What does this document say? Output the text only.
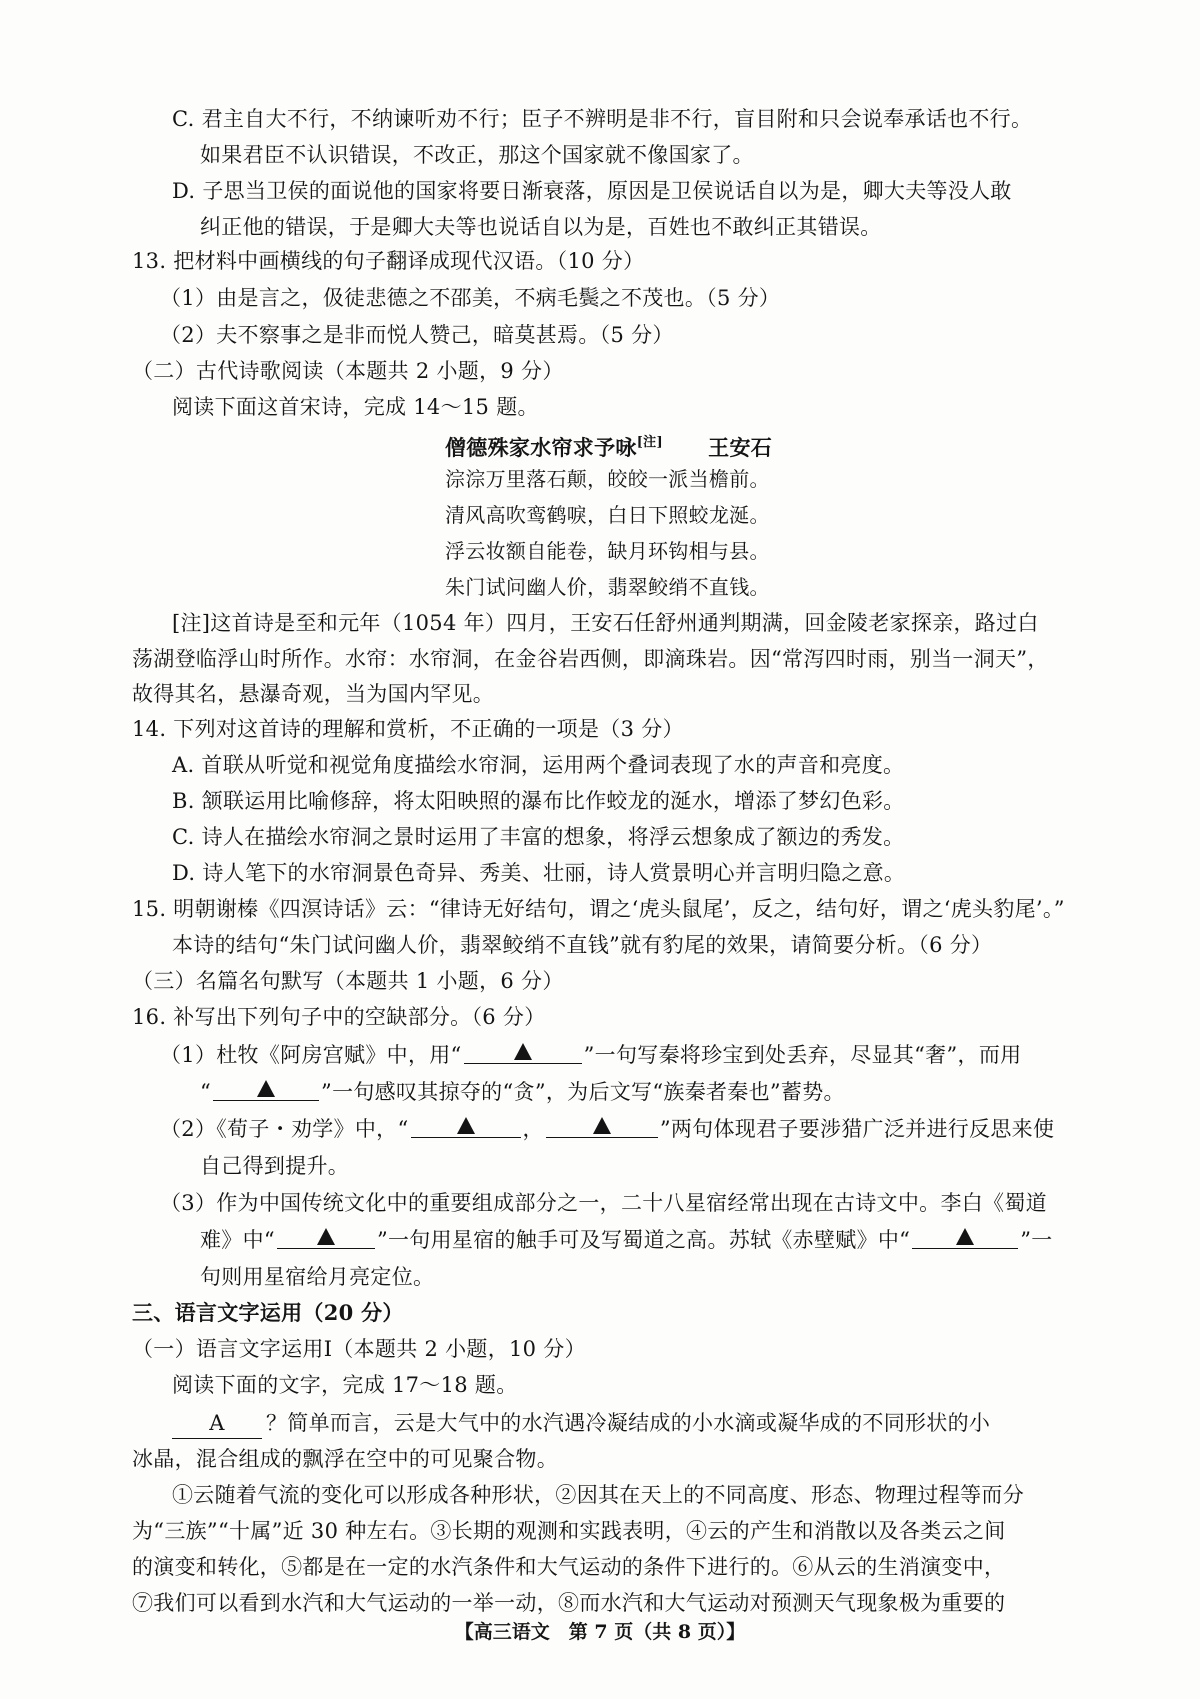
C. 君主自大不行，不纳谏听劝不行；臣子不辨明是非不行，盲目附和只会说奉承话也不行。
如果君臣不认识错误，不改正，那这个国家就不像国家了。
D. 子思当卫侯的面说他的国家将要日渐衰落，原因是卫侯说话自以为是，卿大夫等没人敢
纠正他的错误，于是卿大夫等也说话自以为是，百姓也不敢纠正其错误。
13. 把材料中画横线的句子翻译成现代汉语。（10 分）
（1）由是言之，伋徒悲德之不邵美，不病毛鬓之不茂也。（5 分）
（2）夫不察事之是非而悦人赞己，暗莫甚焉。（5 分）
（二）古代诗歌阅读（本题共 2 小题，9 分）
阅读下面这首宋诗，完成 14～15 题。
僧德殊家水帘求予咏[注] 王安石
淙淙万里落石颠，皎皎一派当檐前。
清风高吹鸾鹤唳，白日下照蛟龙涎。
浮云妆额自能卷，缺月环钩相与县。
朱门试问幽人价，翡翠鲛绡不直钱。
[注]这首诗是至和元年（1054 年）四月，王安石任舒州通判期满，回金陵老家探亲，路过白
荡湖登临浮山时所作。水帘：水帘洞，在金谷岩西侧，即滴珠岩。因“常泻四时雨，别当一洞天”，
故得其名，悬瀑奇观，当为国内罕见。
14. 下列对这首诗的理解和赏析，不正确的一项是（3 分）
A. 首联从听觉和视觉角度描绘水帘洞，运用两个叠词表现了水的声音和亮度。
B. 颔联运用比喻修辞，将太阳映照的瀑布比作蛟龙的涎水，增添了梦幻色彩。
C. 诗人在描绘水帘洞之景时运用了丰富的想象，将浮云想象成了额边的秀发。
D. 诗人笔下的水帘洞景色奇异、秀美、壮丽，诗人赏景明心并言明归隐之意。
15. 明朝谢榛《四溟诗话》云：“律诗无好结句，谓之‘虎头鼠尾’，反之，结句好，谓之‘虎头豹尾’。”
本诗的结句“朱门试问幽人价，翡翠鲛绡不直钱”就有豹尾的效果，请简要分析。（6 分）
（三）名篇名句默写（本题共 1 小题，6 分）
16. 补写出下列句子中的空缺部分。（6 分）
（1）杜牧《阿房宫赋》中，用“	”一句写秦将珍宝到处丢弃，尽显其“奢”，而用
“	”一句感叹其掠夺的“贪”，为后文写“族秦者秦也”蓄势。
（2）《荀子・劝学》中，“	，	”两句体现君子要涉猎广泛并进行反思来使
自己得到提升。
（3）作为中国传统文化中的重要组成部分之一，二十八星宿经常出现在古诗文中。李白《蜀道
难》中“	”一句用星宿的触手可及写蜀道之高。苏轼《赤壁赋》中“	”一
句则用星宿给月亮定位。
三、语言文字运用（20 分）
（一）语言文字运用Ⅰ（本题共 2 小题，10 分）
阅读下面的文字，完成 17～18 题。
A ？简单而言，云是大气中的水汽遇冷凝结成的小水滴或凝华成的不同形状的小
冰晶，混合组成的飘浮在空中的可见聚合物。
①云随着气流的变化可以形成各种形状，②因其在天上的不同高度、形态、物理过程等而分
为“三族”“十属”近 30 种左右。③长期的观测和实践表明，④云的产生和消散以及各类云之间
的演变和转化，⑤都是在一定的水汽条件和大气运动的条件下进行的。⑥从云的生消演变中，
⑦我们可以看到水汽和大气运动的一举一动，⑧而水汽和大气运动对预测天气现象极为重要的
【高三语文　第 7 页（共 8 页）】
